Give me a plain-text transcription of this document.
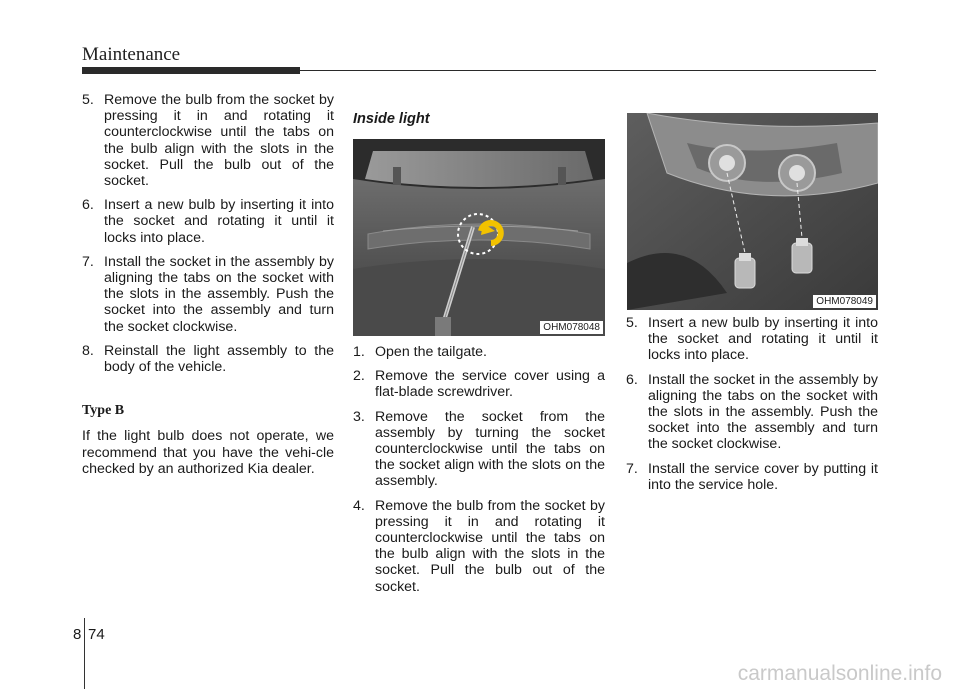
Maintenance
5. Remove the bulb from the socket by pressing it in and rotating it counterclockwise until the tabs on the bulb align with the slots in the socket. Pull the bulb out of the socket.
6. Insert a new bulb by inserting it into the socket and rotating it until it locks into place.
7. Install the socket in the assembly by aligning the tabs on the socket with the slots in the assembly. Push the socket into the assembly and turn the socket clockwise.
8. Reinstall the light assembly to the body of the vehicle.
Type B

If the light bulb does not operate, we recommend that you have the vehi-cle checked by an authorized Kia dealer.

Inside light
OHM078048
1. Open the tailgate.
2. Remove the service cover using a flat-blade screwdriver.
3. Remove the socket from the assembly by turning the socket counterclockwise until the tabs on the socket align with the slots on the assembly.
4. Remove the bulb from the socket by pressing it in and rotating it counterclockwise until the tabs on the bulb align with the slots in the socket. Pull the bulb out of the socket.
OHM078049
5. Insert a new bulb by inserting it into the socket and rotating it until it locks into place.
6. Install the socket in the assembly by aligning the tabs on the socket with the slots in the assembly. Push the socket into the assembly and turn the socket clockwise.
7. Install the service cover by putting it into the service hole.
8 74
carmanualsonline.info
